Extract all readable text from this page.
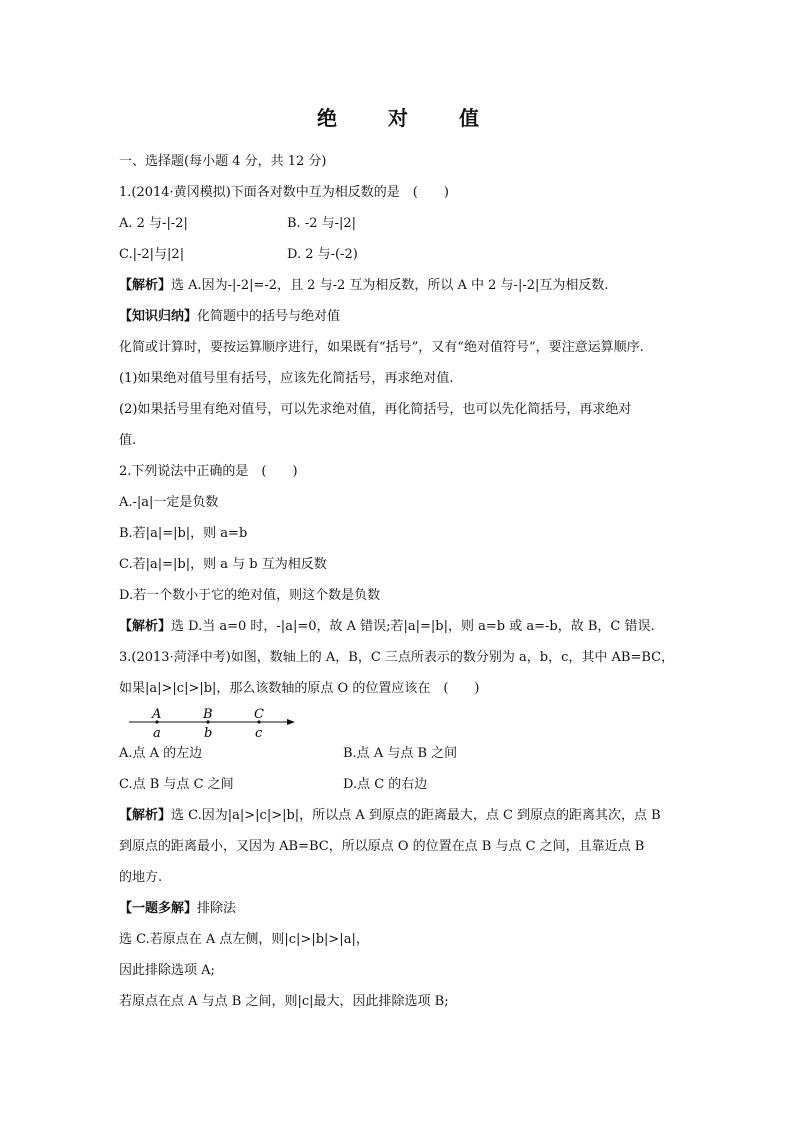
绝 对 值
一、选择题(每小题 4 分，共 12 分)
1.(2014·黄冈模拟)下面各对数中互为相反数的是　(　　)
A. 2 与-|-2|	B. -2 与-|2|
C.|-2|与|2|	D. 2 与-(-2)
【解析】选 A.因为-|-2|=-2，且 2 与-2 互为相反数，所以 A 中 2 与-|-2|互为相反数.
【知识归纳】化简题中的括号与绝对值
化简或计算时，要按运算顺序进行，如果既有“括号”，又有“绝对值符号”，要注意运算顺序.
(1)如果绝对值号里有括号，应该先化简括号，再求绝对值.
(2)如果括号里有绝对值号，可以先求绝对值，再化简括号，也可以先化简括号，再求绝对
值.
2.下列说法中正确的是　(　　)
A.-|a|一定是负数
B.若|a|=|b|，则 a=b
C.若|a|=|b|，则 a 与 b 互为相反数
D.若一个数小于它的绝对值，则这个数是负数
【解析】选 D.当 a=0 时，-|a|=0，故 A 错误;若|a|=|b|，则 a=b 或 a=-b，故 B，C 错误.
3.(2013·菏泽中考)如图，数轴上的 A，B，C 三点所表示的数分别为 a，b，c，其中 AB=BC，
如果|a|>|c|>|b|，那么该数轴的原点 O 的位置应该在　(　　)
A	B	C
a	b	c
A.点 A 的左边	B.点 A 与点 B 之间
C.点 B 与点 C 之间	D.点 C 的右边
【解析】选 C.因为|a|>|c|>|b|，所以点 A 到原点的距离最大，点 C 到原点的距离其次，点 B
到原点的距离最小，又因为 AB=BC，所以原点 O 的位置在点 B 与点 C 之间，且靠近点 B
的地方.
【一题多解】排除法
选 C.若原点在 A 点左侧，则|c|>|b|>|a|，
因此排除选项 A;
若原点在点 A 与点 B 之间，则|c|最大，因此排除选项 B;
